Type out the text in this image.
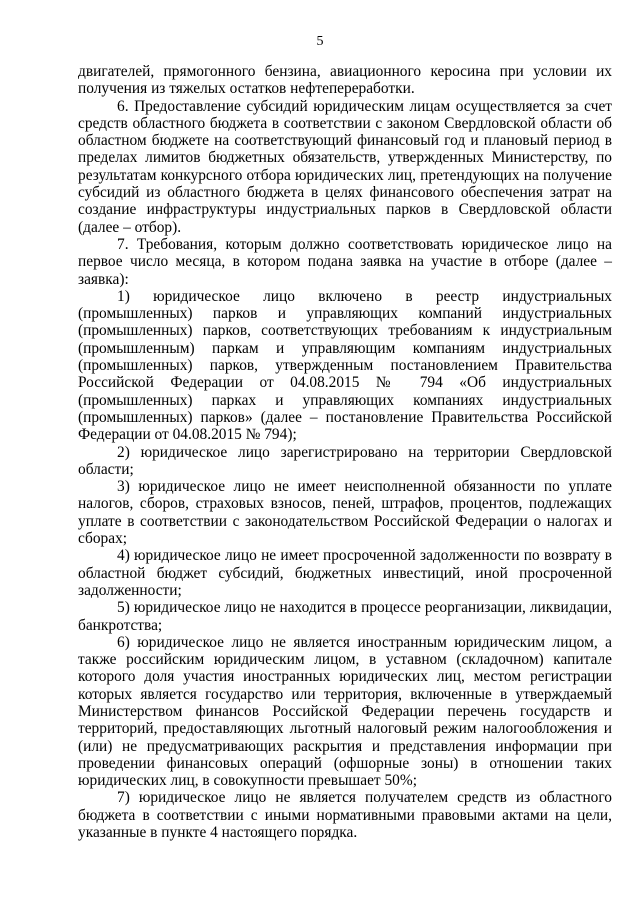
5

двигателей, прямогонного бензина, авиационного керосина при условии их получения из тяжелых остатков нефтепереработки.

6. Предоставление субсидий юридическим лицам осуществляется за счет средств областного бюджета в соответствии с законом Свердловской области об областном бюджете на соответствующий финансовый год и плановый период в пределах лимитов бюджетных обязательств, утвержденных Министерству, по результатам конкурсного отбора юридических лиц, претендующих на получение субсидий из областного бюджета в целях финансового обеспечения затрат на создание инфраструктуры индустриальных парков в Свердловской области (далее – отбор).

7. Требования, которым должно соответствовать юридическое лицо на первое число месяца, в котором подана заявка на участие в отборе (далее – заявка):

1) юридическое лицо включено в реестр индустриальных (промышленных) парков и управляющих компаний индустриальных (промышленных) парков, соответствующих требованиям к индустриальным (промышленным) паркам и управляющим компаниям индустриальных (промышленных) парков, утвержденным постановлением Правительства Российской Федерации от 04.08.2015 № 794 «Об индустриальных (промышленных) парках и управляющих компаниях индустриальных (промышленных) парков» (далее – постановление Правительства Российской Федерации от 04.08.2015 № 794);

2) юридическое лицо зарегистрировано на территории Свердловской области;

3) юридическое лицо не имеет неисполненной обязанности по уплате налогов, сборов, страховых взносов, пеней, штрафов, процентов, подлежащих уплате в соответствии с законодательством Российской Федерации о налогах и сборах;

4) юридическое лицо не имеет просроченной задолженности по возврату в областной бюджет субсидий, бюджетных инвестиций, иной просроченной задолженности;

5) юридическое лицо не находится в процессе реорганизации, ликвидации, банкротства;

6) юридическое лицо не является иностранным юридическим лицом, а также российским юридическим лицом, в уставном (складочном) капитале которого доля участия иностранных юридических лиц, местом регистрации которых является государство или территория, включенные в утверждаемый Министерством финансов Российской Федерации перечень государств и территорий, предоставляющих льготный налоговый режим налогообложения и (или) не предусматривающих раскрытия и представления информации при проведении финансовых операций (офшорные зоны) в отношении таких юридических лиц, в совокупности превышает 50%;

7) юридическое лицо не является получателем средств из областного бюджета в соответствии с иными нормативными правовыми актами на цели, указанные в пункте 4 настоящего порядка.
